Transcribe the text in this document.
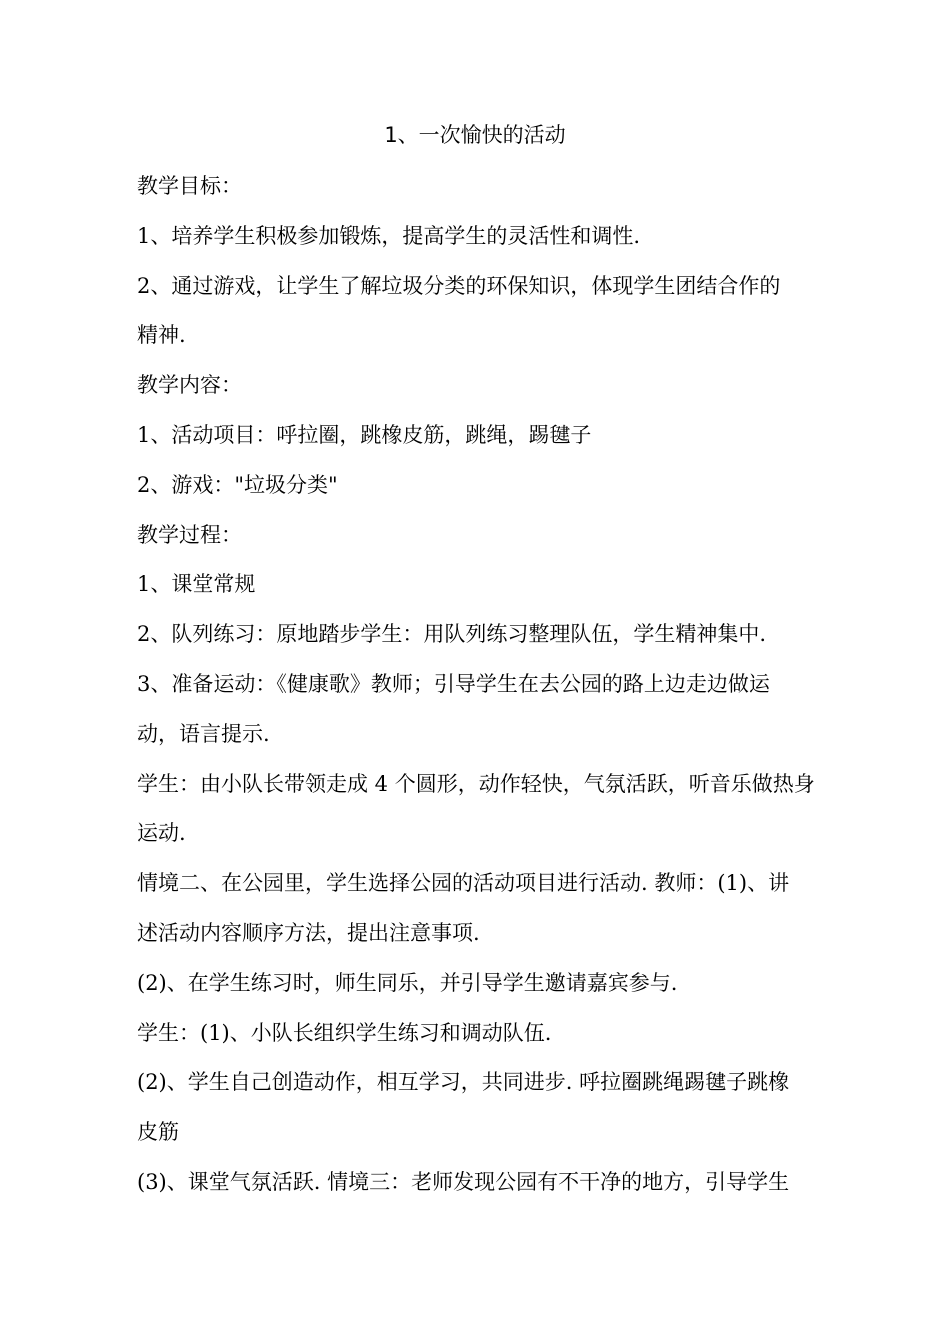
1、一次愉快的活动
教学目标：
1、培养学生积极参加锻炼，提高学生的灵活性和调性.
2、通过游戏，让学生了解垃圾分类的环保知识，体现学生团结合作的
精神.
教学内容：
1、活动项目：呼拉圈，跳橡皮筋，跳绳，踢毽子
2、游戏："垃圾分类"
教学过程：
1、课堂常规
2、队列练习：原地踏步学生：用队列练习整理队伍，学生精神集中.
3、准备运动：《健康歌》教师；引导学生在去公园的路上边走边做运
动，语言提示.
学生：由小队长带领走成 4 个圆形，动作轻快，气氛活跃，听音乐做热身
运动.
情境二、在公园里，学生选择公园的活动项目进行活动. 教师：(1)、讲
述活动内容顺序方法，提出注意事项.
(2)、在学生练习时，师生同乐，并引导学生邀请嘉宾参与.
学生：(1)、小队长组织学生练习和调动队伍.
(2)、学生自己创造动作，相互学习，共同进步. 呼拉圈跳绳踢毽子跳橡
皮筋
(3)、课堂气氛活跃. 情境三：老师发现公园有不干净的地方，引导学生
